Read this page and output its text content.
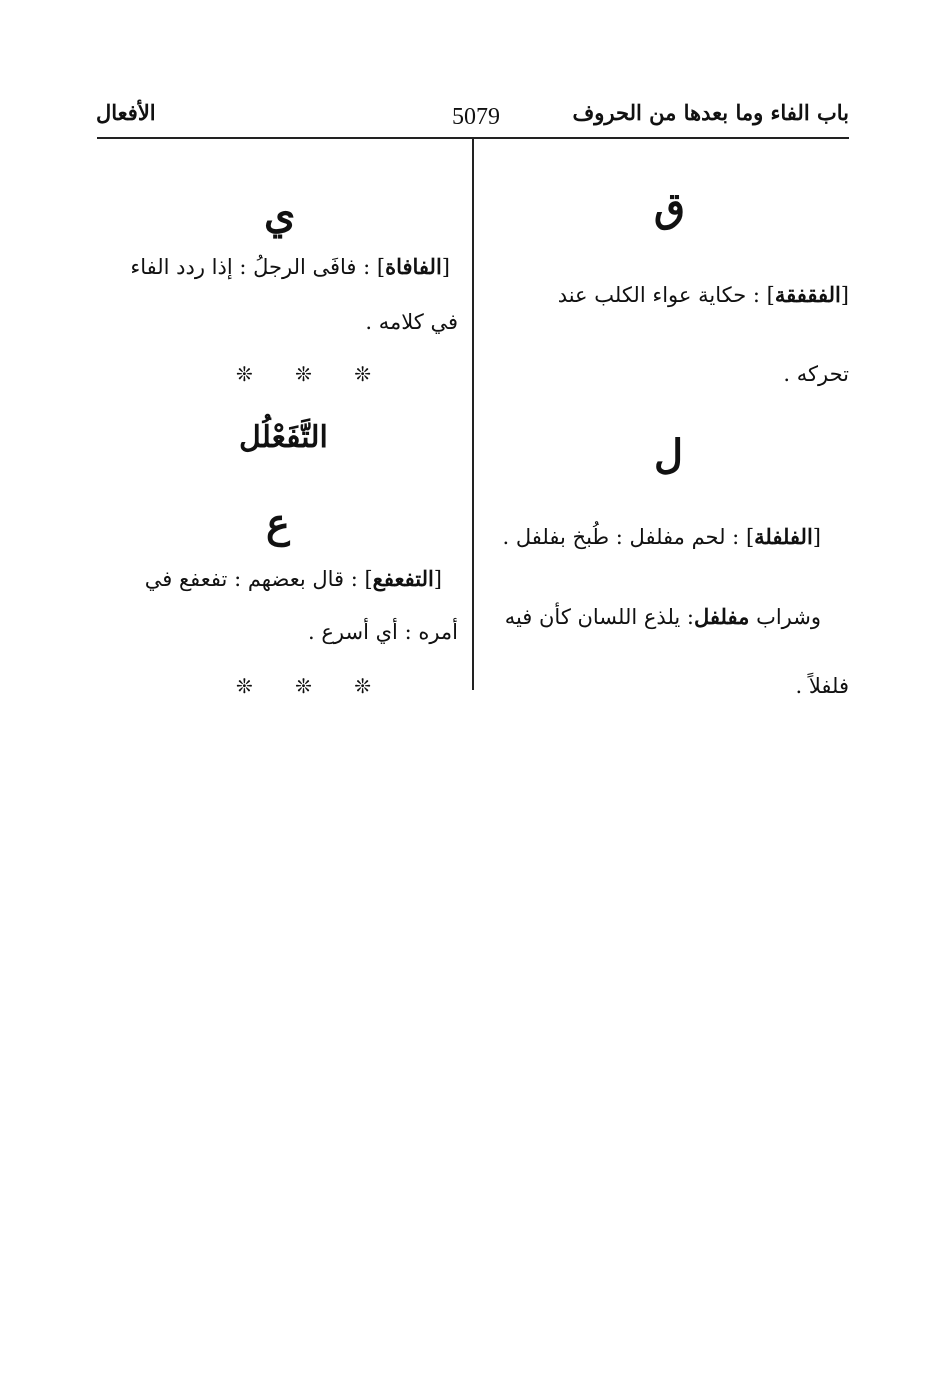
باب الفاء وما بعدها من الحروف
5079
الأفعال
ق
[الفقفقة] : حكاية عواء الكلب عند
تحركه .
ل
[الفلفلة] : لحم مفلفل : طُبخ بفلفل .
وشراب مفلفل: يلذع اللسان كأن فيه
فلفلاً .
ي
[الفافاة] : فافَى الرجلُ : إذا ردد الفاء
في كلامه .
❊ ❊ ❊
التَّفَعْلُل
ع
[التفعفع] : قال بعضهم : تفعفع في
أمره : أي أسرع .
❊ ❊ ❊
